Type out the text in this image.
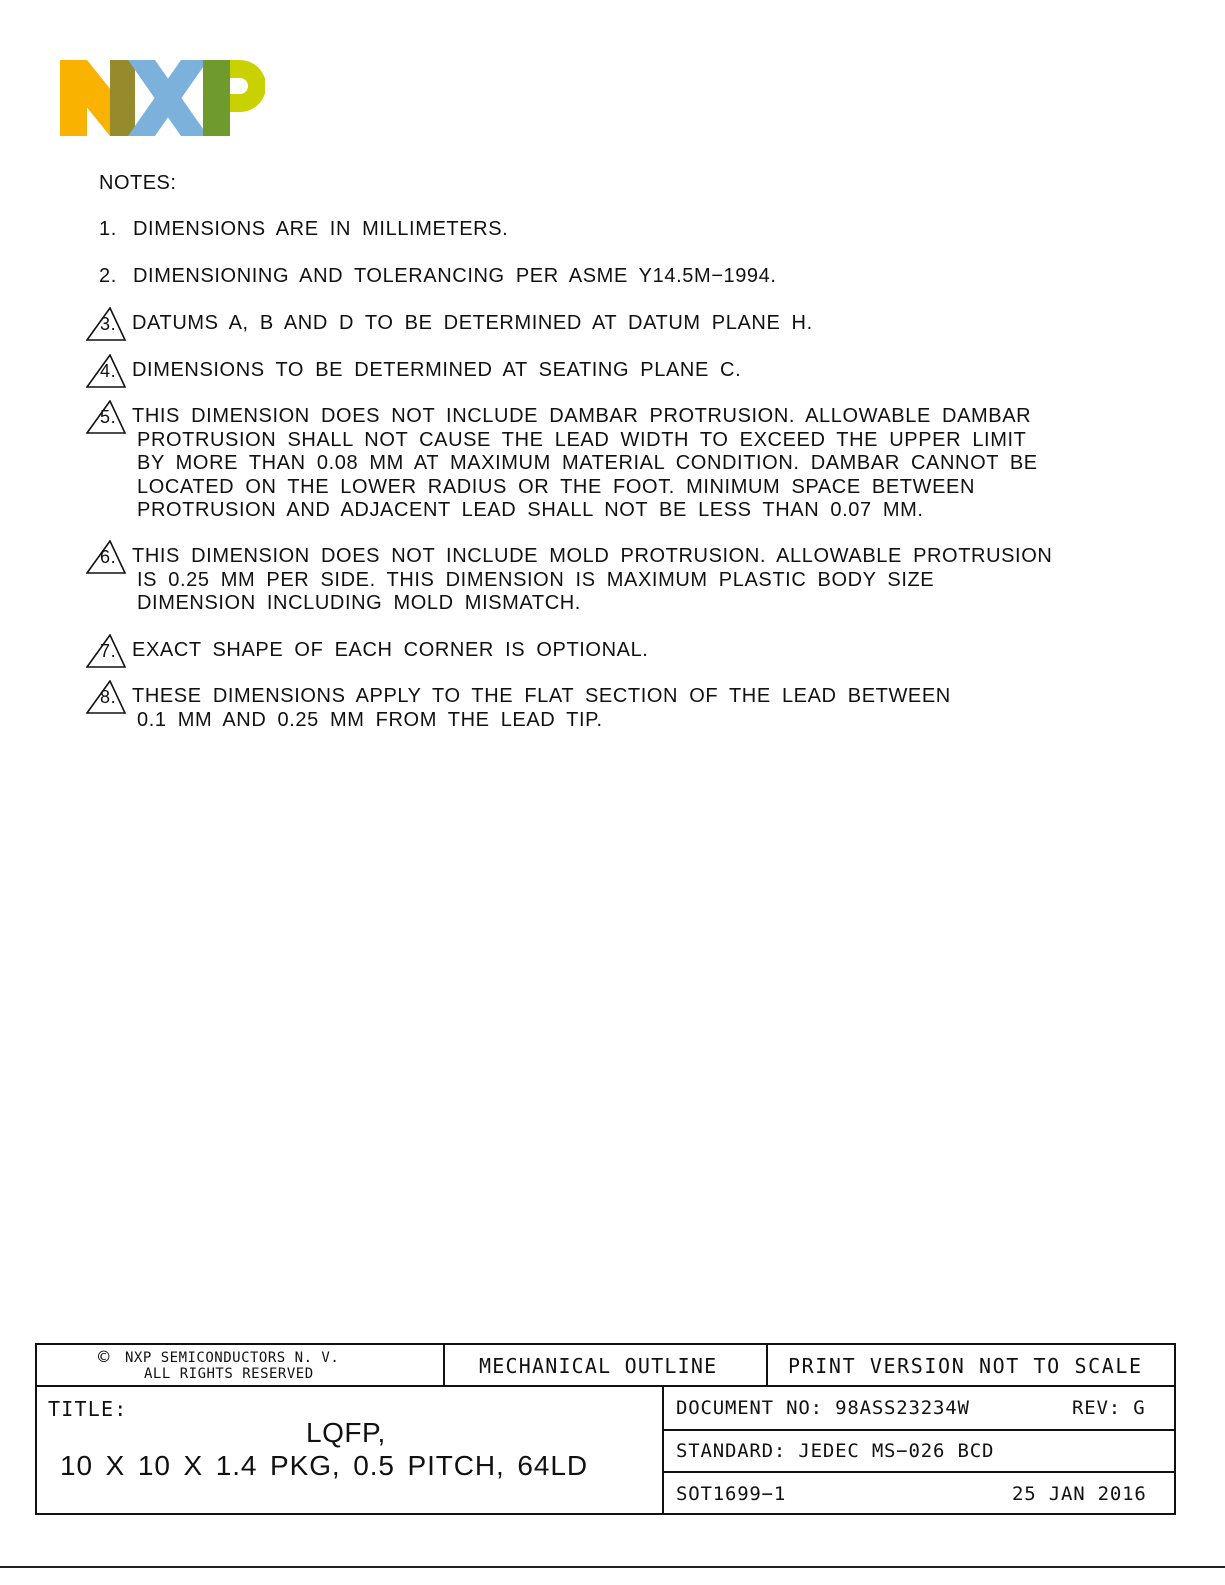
NOTES:
1. DIMENSIONS ARE IN MILLIMETERS.
2. DIMENSIONING AND TOLERANCING PER ASME Y14.5M−1994.
3. DATUMS A, B AND D TO BE DETERMINED AT DATUM PLANE H.
4. DIMENSIONS TO BE DETERMINED AT SEATING PLANE C.
5. THIS DIMENSION DOES NOT INCLUDE DAMBAR PROTRUSION. ALLOWABLE DAMBAR
PROTRUSION SHALL NOT CAUSE THE LEAD WIDTH TO EXCEED THE UPPER LIMIT
BY MORE THAN 0.08 MM AT MAXIMUM MATERIAL CONDITION. DAMBAR CANNOT BE
LOCATED ON THE LOWER RADIUS OR THE FOOT. MINIMUM SPACE BETWEEN
PROTRUSION AND ADJACENT LEAD SHALL NOT BE LESS THAN 0.07 MM.
6. THIS DIMENSION DOES NOT INCLUDE MOLD PROTRUSION. ALLOWABLE PROTRUSION
IS 0.25 MM PER SIDE. THIS DIMENSION IS MAXIMUM PLASTIC BODY SIZE
DIMENSION INCLUDING MOLD MISMATCH.
7. EXACT SHAPE OF EACH CORNER IS OPTIONAL.
8. THESE DIMENSIONS APPLY TO THE FLAT SECTION OF THE LEAD BETWEEN
0.1 MM AND 0.25 MM FROM THE LEAD TIP.
© NXP SEMICONDUCTORS N. V.
ALL RIGHTS RESERVED	MECHANICAL OUTLINE	PRINT VERSION NOT TO SCALE
TITLE:
LQFP,
10 X 10 X 1.4 PKG, 0.5 PITCH, 64LD
DOCUMENT NO: 98ASS23234W	REV: G
STANDARD: JEDEC MS−026 BCD
SOT1699−1	25 JAN 2016
